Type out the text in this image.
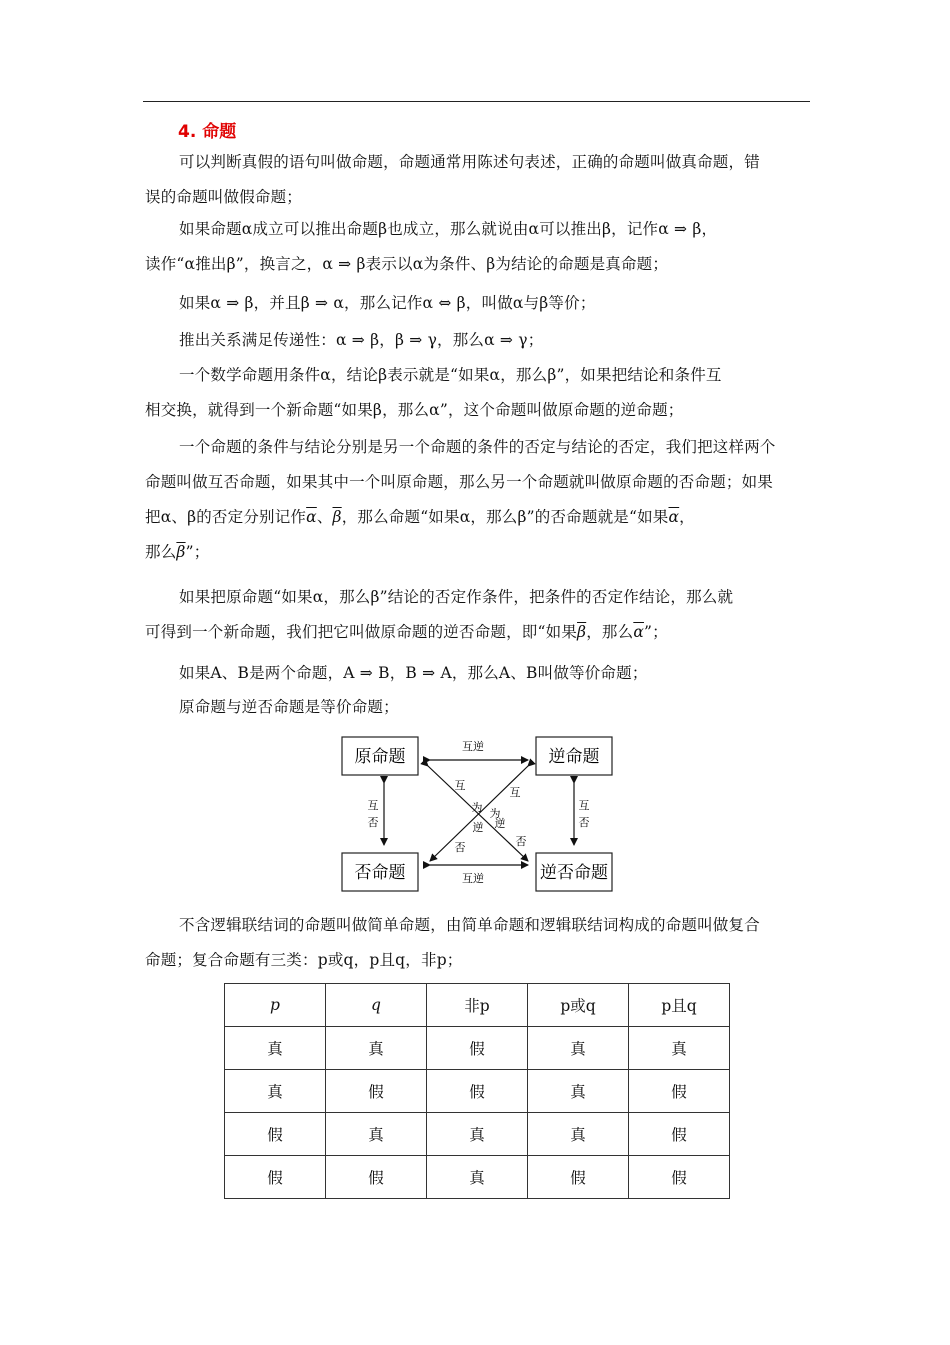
4. 命题
可以判断真假的语句叫做命题，命题通常用陈述句表述，正确的命题叫做真命题，错
误的命题叫做假命题；
如果命题α成立可以推出命题β也成立，那么就说由α可以推出β，记作α ⇒ β，
读作“α推出β”，换言之，α ⇒ β表示以α为条件、β为结论的命题是真命题；
如果α ⇒ β，并且β ⇒ α，那么记作α ⇔ β，叫做α与β等价；
推出关系满足传递性：α ⇒ β，β ⇒ γ，那么α ⇒ γ；
一个数学命题用条件α，结论β表示就是“如果α，那么β”，如果把结论和条件互
相交换，就得到一个新命题“如果β，那么α”，这个命题叫做原命题的逆命题；
一个命题的条件与结论分别是另一个命题的条件的否定与结论的否定，我们把这样两个
命题叫做互否命题，如果其中一个叫原命题，那么另一个命题就叫做原命题的否命题；如果
把α、β的否定分别记作$\overline{\alpha}$、$\overline{\beta}$，那么命题“如果α，那么β”的否命题就是“如果$\overline{\alpha}$，
那么$\overline{\beta}$”；
如果把原命题“如果α，那么β”结论的否定作条件，把条件的否定作结论，那么就
可得到一个新命题，我们把它叫做原命题的逆否命题，即“如果$\overline{\beta}$，那么$\overline{\alpha}$”；
如果A、B是两个命题，A ⇒ B，B ⇒ A，那么A、B叫做等价命题；
原命题与逆否命题是等价命题；
原命题	逆命题
否命题	逆否命题
互逆
互逆
互
否
互
否
互
为
逆
否
互
为
逆
否
不含逻辑联结词的命题叫做简单命题，由简单命题和逻辑联结词构成的命题叫做复合
命题；复合命题有三类：p或q，p且q，非p；
p	q	非p	p或q	p且q
真	真	假	真	真
真	假	假	真	假
假	真	真	真	假
假	假	真	假	假
